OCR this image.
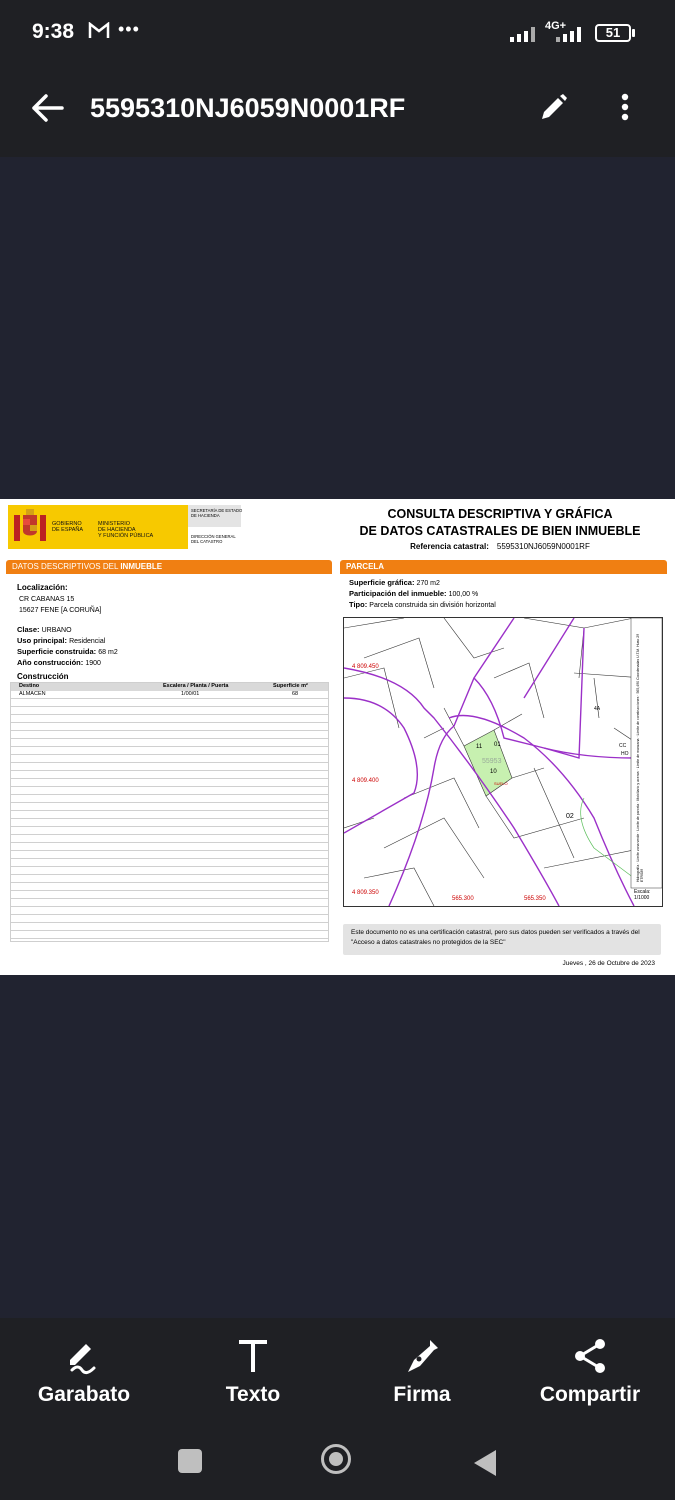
9:38 •••	4G+	51
5595310NJ6059N0001RF
GOBIERNO
DE ESPAÑA
MINISTERIO
DE HACIENDA
Y FUNCIÓN PÚBLICA
SECRETARÍA DE ESTADO
DE HACIENDA
DIRECCIÓN GENERAL
DEL CATASTRO
CONSULTA DESCRIPTIVA Y GRÁFICA
DE DATOS CATASTRALES DE BIEN INMUEBLE
Referencia catastral: 5595310NJ6059N0001RF
DATOS DESCRIPTIVOS DEL INMUEBLE
Localización:
CR CABANAS 15
15627 FENE [A CORUÑA]
Clase: URBANO
Uso principal: Residencial
Superficie construida: 68 m2
Año construcción: 1900
Construcción
Destino	Escalera / Planta / Puerta	Superficie m²
ALMACEN	1/00/01	68
PARCELA
Superficie gráfica: 270 m2
Participación del inmueble: 100,00 %
Tipo: Parcela construida sin división horizontal
4 809.450
4 809.400
4 809.350
565.300	565.350
55953
01
11
10
02
4A
CC
HO
SUELO
Hidrografía · Límite zona verde · Límite de parcela · Mobiliario y aceras · Límite de manzana · Límite de construcciones · 565,490 Coordenadas U.T.M. Huso 29 ETRS89
Escala:
1/1000
Este documento no es una certificación catastral, pero sus datos pueden ser verificados a través del "Acceso a datos catastrales no protegidos de la SEC"
Jueves , 26 de Octubre de 2023
Garabato	Texto	Firma	Compartir
